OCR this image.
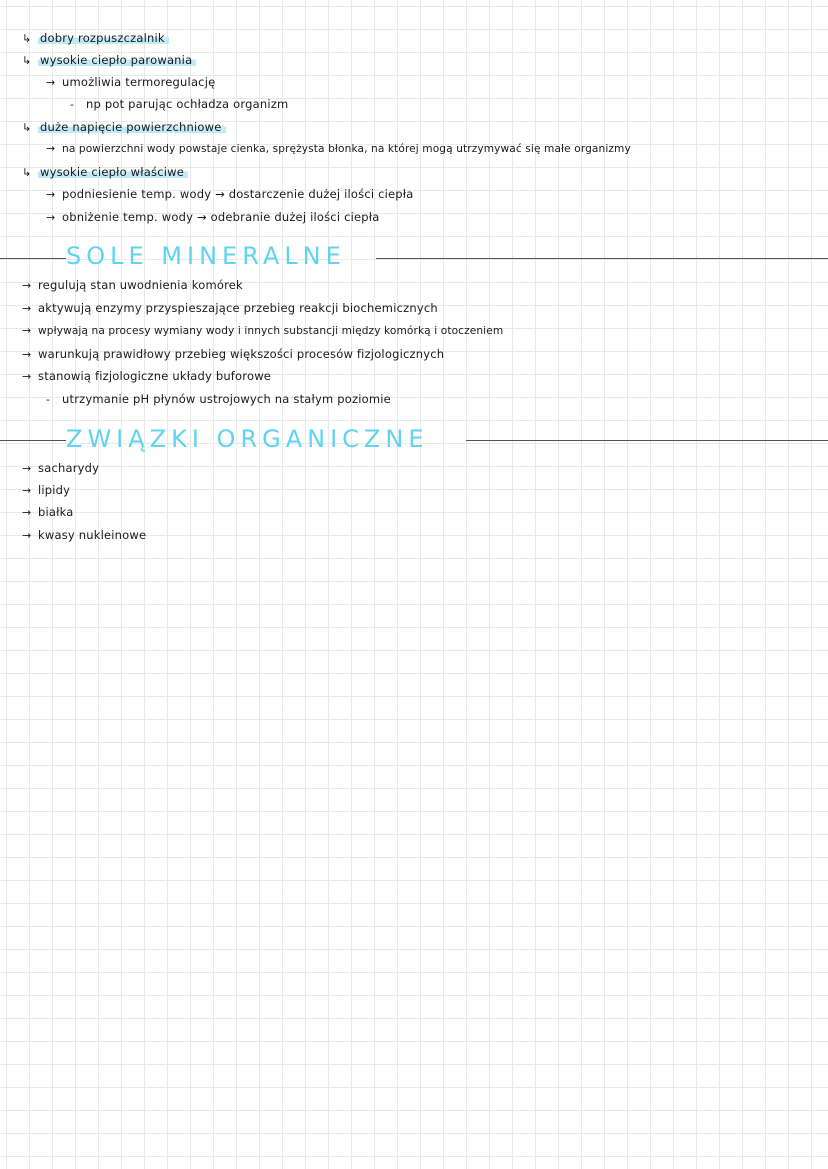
↳ dobry rozpuszczalnik
↳ wysokie ciepło parowania
→ umożliwia termoregulację
- np pot parując ochładza organizm
↳ duże napięcie powierzchniowe
→ na powierzchni wody powstaje cienka, sprężysta błonka, na której mogą utrzymywać się małe organizmy
↳ wysokie ciepło właściwe
→ podniesienie temp. wody → dostarczenie dużej ilości ciepła
→ obniżenie temp. wody → odebranie dużej ilości ciepła
SOLE MINERALNE
→ regulują stan uwodnienia komórek
→ aktywują enzymy przyspieszające przebieg reakcji biochemicznych
→ wpływają na procesy wymiany wody i innych substancji między komórką i otoczeniem
→ warunkują prawidłowy przebieg większości procesów fizjologicznych
→ stanowią fizjologiczne układy buforowe
- utrzymanie pH płynów ustrojowych na stałym poziomie
ZWIĄZKI ORGANICZNE
→ sacharydy
→ lipidy
→ białka
→ kwasy nukleinowe
